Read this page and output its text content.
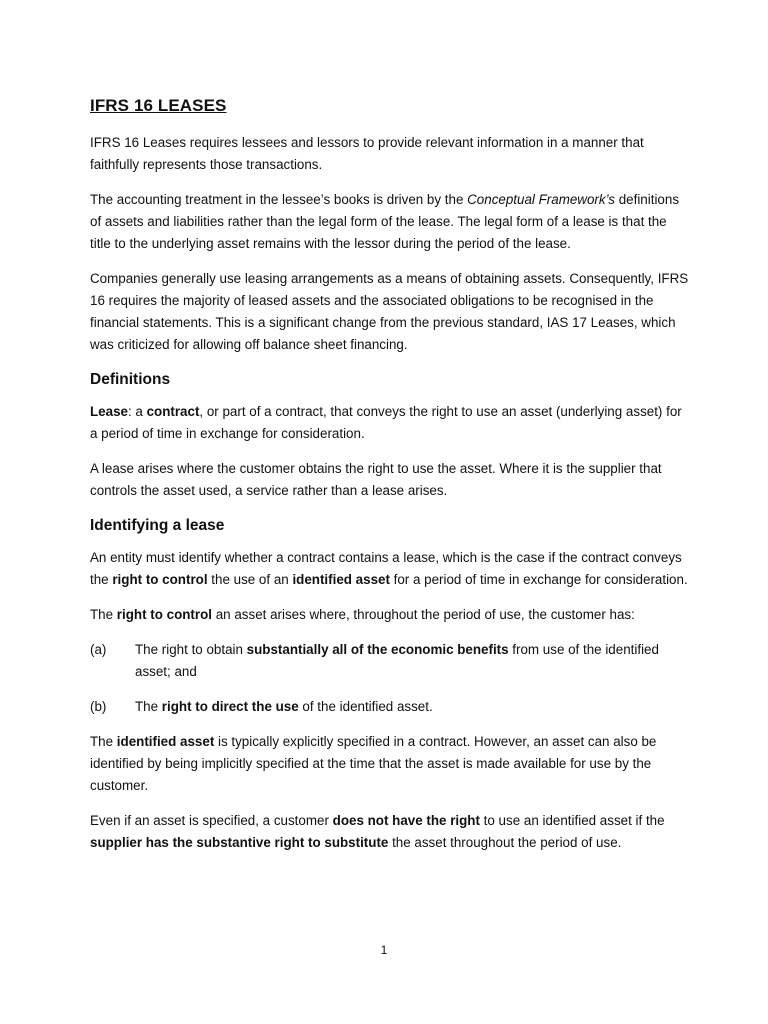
IFRS 16 LEASES

IFRS 16 Leases requires lessees and lessors to provide relevant information in a manner that faithfully represents those transactions.

The accounting treatment in the lessee’s books is driven by the Conceptual Framework’s definitions of assets and liabilities rather than the legal form of the lease. The legal form of a lease is that the title to the underlying asset remains with the lessor during the period of the lease.

Companies generally use leasing arrangements as a means of obtaining assets. Consequently, IFRS 16 requires the majority of leased assets and the associated obligations to be recognised in the financial statements. This is a significant change from the previous standard, IAS 17 Leases, which was criticized for allowing off balance sheet financing.

Definitions

Lease: a contract, or part of a contract, that conveys the right to use an asset (underlying asset) for a period of time in exchange for consideration.

A lease arises where the customer obtains the right to use the asset. Where it is the supplier that controls the asset used, a service rather than a lease arises.

Identifying a lease

An entity must identify whether a contract contains a lease, which is the case if the contract conveys the right to control the use of an identified asset for a period of time in exchange for consideration.

The right to control an asset arises where, throughout the period of use, the customer has:

(a)	The right to obtain substantially all of the economic benefits from use of the identified asset; and
(b)	The right to direct the use of the identified asset.

The identified asset is typically explicitly specified in a contract. However, an asset can also be identified by being implicitly specified at the time that the asset is made available for use by the customer.

Even if an asset is specified, a customer does not have the right to use an identified asset if the supplier has the substantive right to substitute the asset throughout the period of use.

1
